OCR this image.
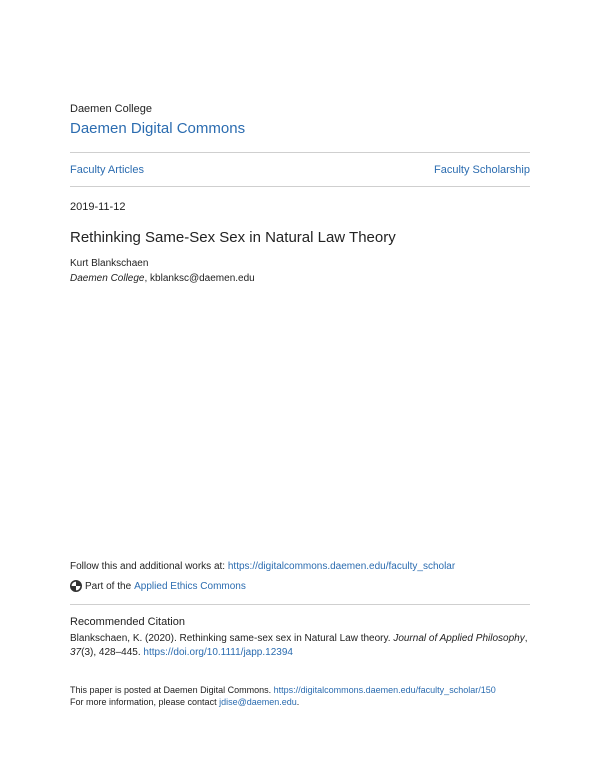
Daemen College
Daemen Digital Commons
Faculty Articles	Faculty Scholarship
2019-11-12
Rethinking Same-Sex Sex in Natural Law Theory
Kurt Blankschaen
Daemen College, kblanksc@daemen.edu
Follow this and additional works at: https://digitalcommons.daemen.edu/faculty_scholar
Part of the Applied Ethics Commons
Recommended Citation
Blankschaen, K. (2020). Rethinking same-sex sex in Natural Law theory. Journal of Applied Philosophy, 37(3), 428–445. https://doi.org/10.1111/japp.12394
This paper is posted at Daemen Digital Commons. https://digitalcommons.daemen.edu/faculty_scholar/150
For more information, please contact jdise@daemen.edu.
